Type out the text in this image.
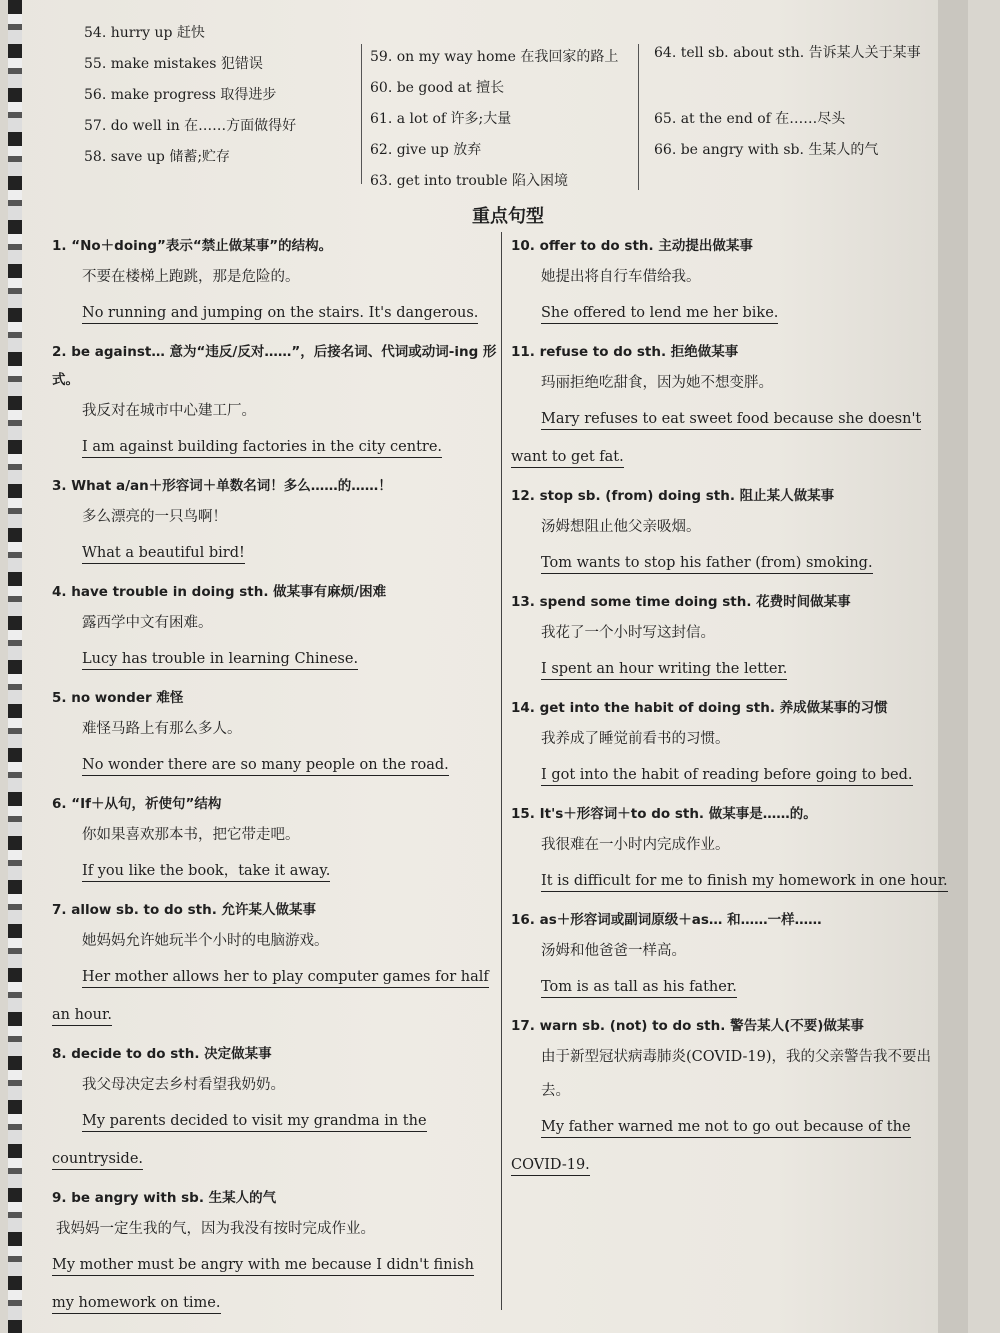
54. hurry up 赶快
55. make mistakes 犯错误
56. make progress 取得进步
57. do well in 在……方面做得好
58. save up 储蓄;贮存
59. on my way home 在我回家的路上
60. be good at 擅长
61. a lot of 许多;大量
62. give up 放弃
63. get into trouble 陷入困境
64. tell sb. about sth. 告诉某人关于某事
65. at the end of 在……尽头
66. be angry with sb. 生某人的气
重点句型
1. “No＋doing”表示“禁止做某事”的结构。
不要在楼梯上跑跳，那是危险的。
No running and jumping on the stairs. It's dangerous.
2. be against… 意为“违反/反对……”，后接名词、代词或动词-ing 形式。
我反对在城市中心建工厂。
I am against building factories in the city centre.
3. What a/an＋形容词＋单数名词！多么……的……！
多么漂亮的一只鸟啊！
What a beautiful bird!
4. have trouble in doing sth. 做某事有麻烦/困难
露西学中文有困难。
Lucy has trouble in learning Chinese.
5. no wonder 难怪
难怪马路上有那么多人。
No wonder there are so many people on the road.
6. “If＋从句，祈使句”结构
你如果喜欢那本书，把它带走吧。
If you like the book，take it away.
7. allow sb. to do sth. 允许某人做某事
她妈妈允许她玩半个小时的电脑游戏。
Her mother allows her to play computer games for half an hour.
8. decide to do sth. 决定做某事
我父母决定去乡村看望我奶奶。
My parents decided to visit my grandma in the countryside.
9. be angry with sb. 生某人的气
我妈妈一定生我的气，因为我没有按时完成作业。
My mother must be angry with me because I didn't finish my homework on time.
10. offer to do sth. 主动提出做某事
她提出将自行车借给我。
She offered to lend me her bike.
11. refuse to do sth. 拒绝做某事
玛丽拒绝吃甜食，因为她不想变胖。
Mary refuses to eat sweet food because she doesn't want to get fat.
12. stop sb. (from) doing sth. 阻止某人做某事
汤姆想阻止他父亲吸烟。
Tom wants to stop his father (from) smoking.
13. spend some time doing sth. 花费时间做某事
我花了一个小时写这封信。
I spent an hour writing the letter.
14. get into the habit of doing sth. 养成做某事的习惯
我养成了睡觉前看书的习惯。
I got into the habit of reading before going to bed.
15. It's＋形容词＋to do sth. 做某事是……的。
我很难在一小时内完成作业。
It is difficult for me to finish my homework in one hour.
16. as＋形容词或副词原级＋as… 和……一样……
汤姆和他爸爸一样高。
Tom is as tall as his father.
17. warn sb. (not) to do sth. 警告某人(不要)做某事
由于新型冠状病毒肺炎(COVID-19)，我的父亲警告我不要出去。
My father warned me not to go out because of the COVID-19.
